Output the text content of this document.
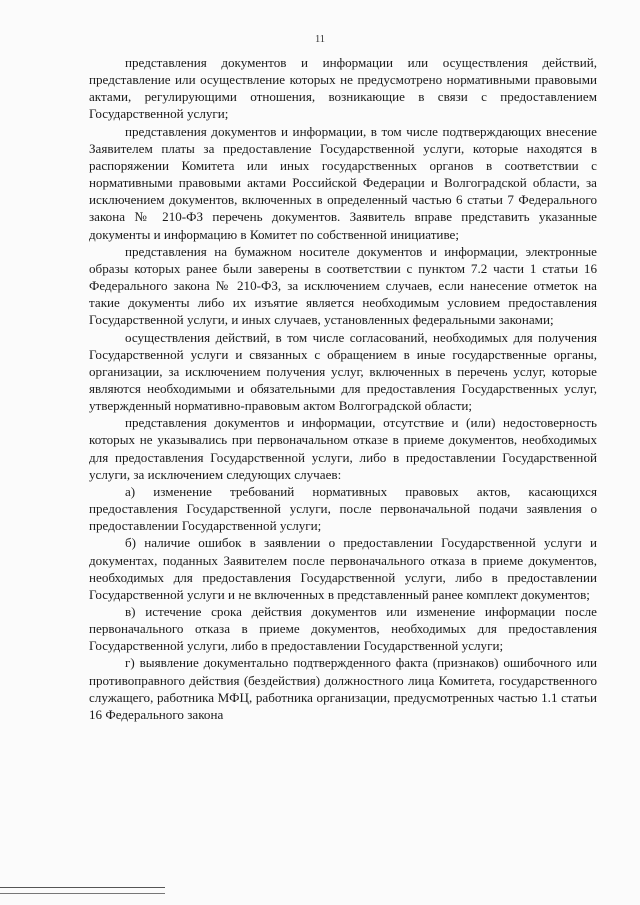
11

представления документов и информации или осуществления действий, представление или осуществление которых не предусмотрено нормативными правовыми актами, регулирующими отношения, возникающие в связи с предоставлением Государственной услуги;

представления документов и информации, в том числе подтверждающих внесение Заявителем платы за предоставление Государственной услуги, которые находятся в распоряжении Комитета или иных государственных органов в соответствии с нормативными правовыми актами Российской Федерации и Волгоградской области, за исключением документов, включенных в определенный частью 6 статьи 7 Федерального закона № 210-ФЗ перечень документов. Заявитель вправе представить указанные документы и информацию в Комитет по собственной инициативе;

представления на бумажном носителе документов и информации, электронные образы которых ранее были заверены в соответствии с пунктом 7.2 части 1 статьи 16 Федерального закона № 210-ФЗ, за исключением случаев, если нанесение отметок на такие документы либо их изъятие является необходимым условием предоставления Государственной услуги, и иных случаев, установленных федеральными законами;

осуществления действий, в том числе согласований, необходимых для получения Государственной услуги и связанных с обращением в иные государственные органы, организации, за исключением получения услуг, включенных в перечень услуг, которые являются необходимыми и обязательными для предоставления Государственных услуг, утвержденный нормативно-правовым актом Волгоградской области;

представления документов и информации, отсутствие и (или) недостоверность которых не указывались при первоначальном отказе в приеме документов, необходимых для предоставления Государственной услуги, либо в предоставлении Государственной услуги, за исключением следующих случаев:

а) изменение требований нормативных правовых актов, касающихся предоставления Государственной услуги, после первоначальной подачи заявления о предоставлении Государственной услуги;

б) наличие ошибок в заявлении о предоставлении Государственной услуги и документах, поданных Заявителем после первоначального отказа в приеме документов, необходимых для предоставления Государственной услуги, либо в предоставлении Государственной услуги и не включенных в представленный ранее комплект документов;

в) истечение срока действия документов или изменение информации после первоначального отказа в приеме документов, необходимых для предоставления Государственной услуги, либо в предоставлении Государственной услуги;

г) выявление документально подтвержденного факта (признаков) ошибочного или противоправного действия (бездействия) должностного лица Комитета, государственного служащего, работника МФЦ, работника организации, предусмотренных частью 1.1 статьи 16 Федерального закона
